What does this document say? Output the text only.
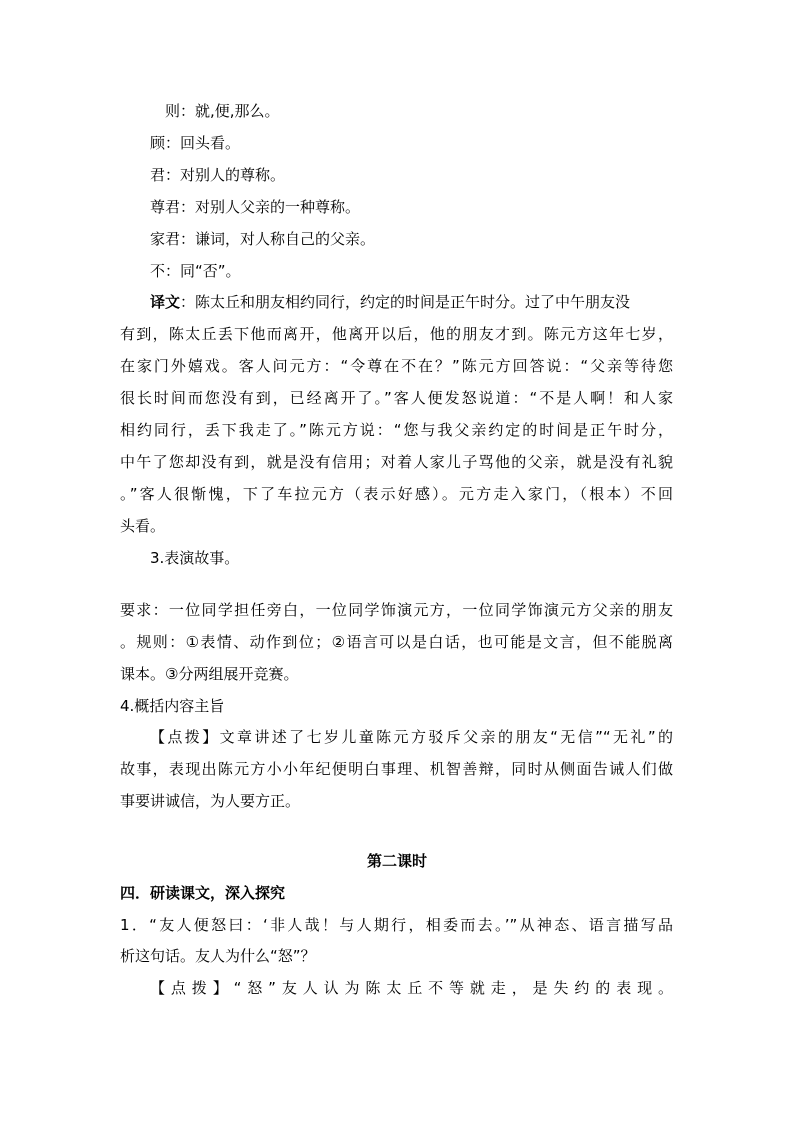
则：就,便,那么。
顾：回头看。
君：对别人的尊称。
尊君：对别人父亲的一种尊称。
家君：谦词，对人称自己的父亲。
不：同“否”。
译文：陈太丘和朋友相约同行，约定的时间是正午时分。过了中午朋友没
有到，陈太丘丢下他而离开，他离开以后，他的朋友才到。陈元方这年七岁，
在家门外嬉戏。客人问元方：“令尊在不在？”陈元方回答说：“父亲等待您
很长时间而您没有到，已经离开了。”客人便发怒说道：“不是人啊！和人家
相约同行，丢下我走了。”陈元方说：“您与我父亲约定的时间是正午时分，
中午了您却没有到，就是没有信用；对着人家儿子骂他的父亲，就是没有礼貌
。”客人很惭愧，下了车拉元方（表示好感）。元方走入家门，（根本）不回
头看。
3.表演故事。
要求：一位同学担任旁白，一位同学饰演元方，一位同学饰演元方父亲的朋友
。规则：①表情、动作到位；②语言可以是白话，也可能是文言，但不能脱离
课本。③分两组展开竞赛。
4.概括内容主旨
【点拨】文章讲述了七岁儿童陈元方驳斥父亲的朋友“无信”“无礼”的
故事，表现出陈元方小小年纪便明白事理、机智善辩，同时从侧面告诫人们做
事要讲诚信，为人要方正。
第二课时
四．研读课文，深入探究
1．“友人便怒曰：‘非人哉！与人期行，相委而去。’”从神态、语言描写品
析这句话。友人为什么“怒”？
【点拨】“怒”友人认为陈太丘不等就走，是失约的表现。
